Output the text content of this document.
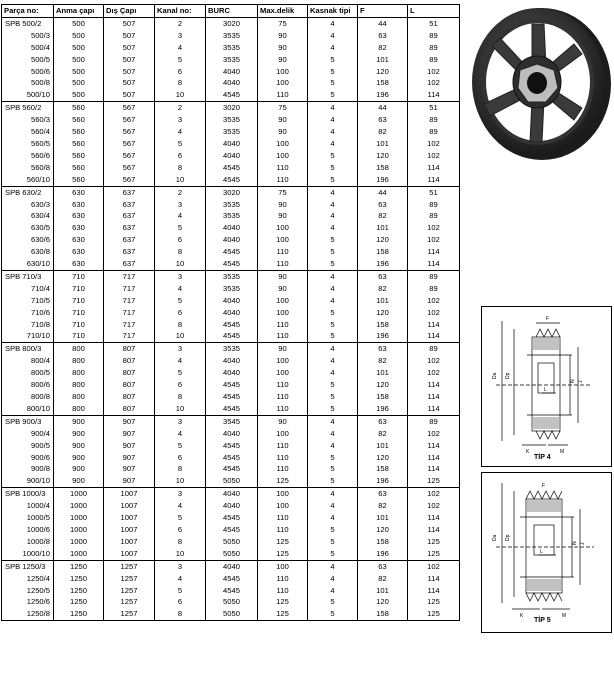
Parça no:	Anma çapı	Dış Çapı	Kanal no:	BURC	Max.delik	Kasnak tipi	F	L
SPB 500/2	500	507	2	3020	75	4	44	51
500/3	500	507	3	3535	90	4	63	89
500/4	500	507	4	3535	90	4	82	89
500/5	500	507	5	3535	90	5	101	89
500/6	500	507	6	4040	100	5	120	102
500/8	500	507	8	4040	100	5	158	102
500/10	500	507	10	4545	110	5	196	114
SPB 560/2	560	567	2	3020	75	4	44	51
560/3	560	567	3	3535	90	4	63	89
560/4	560	567	4	3535	90	4	82	89
560/5	560	567	5	4040	100	4	101	102
560/6	560	567	6	4040	100	5	120	102
560/8	560	567	8	4545	110	5	158	114
560/10	560	567	10	4545	110	5	196	114
SPB 630/2	630	637	2	3020	75	4	44	51
630/3	630	637	3	3535	90	4	63	89
630/4	630	637	4	3535	90	4	82	89
630/5	630	637	5	4040	100	4	101	102
630/6	630	637	6	4040	100	5	120	102
630/8	630	637	8	4545	110	5	158	114
630/10	630	637	10	4545	110	5	196	114
SPB 710/3	710	717	3	3535	90	4	63	89
710/4	710	717	4	3535	90	4	82	89
710/5	710	717	5	4040	100	4	101	102
710/6	710	717	6	4040	100	5	120	102
710/8	710	717	8	4545	110	5	158	114
710/10	710	717	10	4545	110	5	196	114
SPB 800/3	800	807	3	3535	90	4	63	89
800/4	800	807	4	4040	100	4	82	102
800/5	800	807	5	4040	100	4	101	102
800/6	800	807	6	4545	110	5	120	114
800/8	800	807	8	4545	110	5	158	114
800/10	800	807	10	4545	110	5	196	114
SPB 900/3	900	907	3	3545	90	4	63	89
900/4	900	907	4	4040	100	4	82	102
900/5	900	907	5	4545	110	4	101	114
900/6	900	907	6	4545	110	5	120	114
900/8	900	907	8	4545	110	5	158	114
900/10	900	907	10	5050	125	5	196	125
SPB 1000/3	1000	1007	3	4040	100	4	63	102
1000/4	1000	1007	4	4040	100	4	82	102
1000/5	1000	1007	5	4545	110	4	101	114
1000/6	1000	1007	6	4545	110	5	120	114
1000/8	1000	1007	8	5050	125	5	158	125
1000/10	1000	1007	10	5050	125	5	196	125
SPB 1250/3	1250	1257	3	4040	100	4	63	102
1250/4	1250	1257	4	4545	110	4	82	114
1250/5	1250	1257	5	4545	110	4	101	114
1250/6	1250	1257	6	5050	125	5	120	125
1250/8	1250	1257	8	5050	125	5	158	125
F
Da Dp
L
N J
K	M
TİP 4
F
Da Dp
L
N J
K	M
TİP 5
